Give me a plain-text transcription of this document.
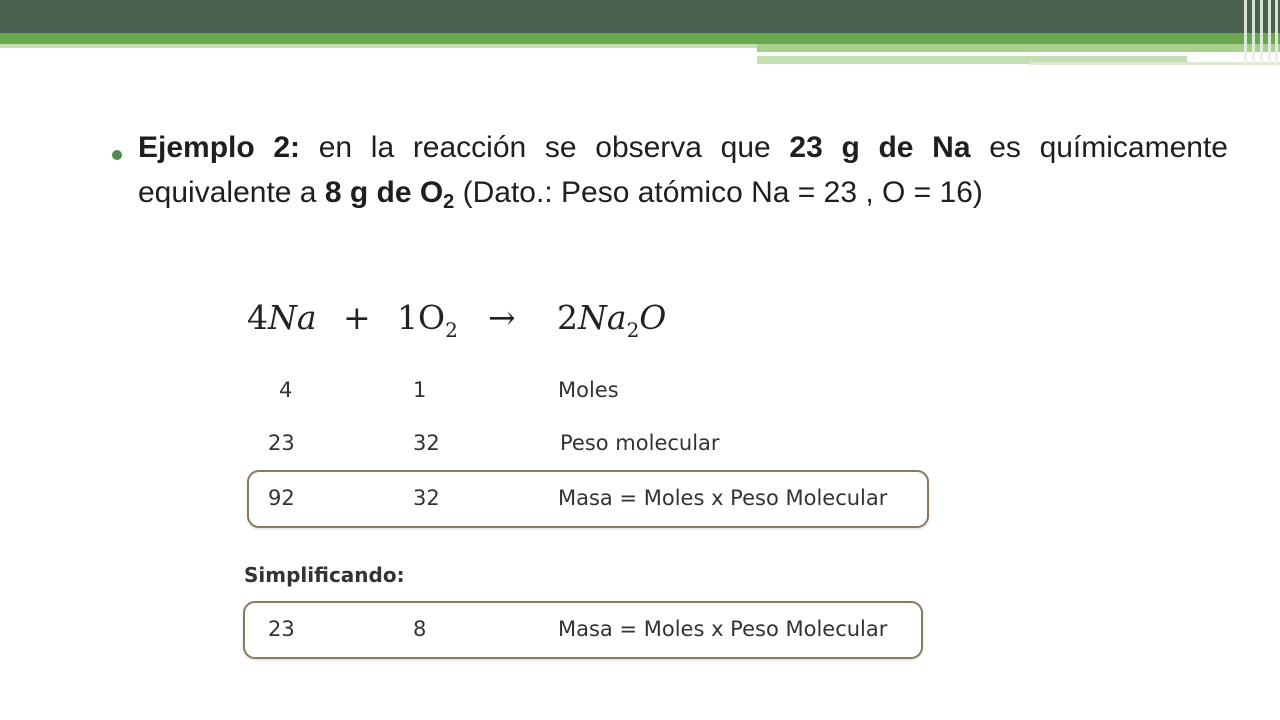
Ejemplo 2: en la reacción se observa que 23 g de Na es químicamente equivalente a 8 g de $O_2$ (Dato.: Peso atómico Na = 23 , O = 16)
$4Na + 1O_2 \to 2Na_2O$
4	1	Moles
23	32	Peso molecular
92	32	Masa = Moles x Peso Molecular
Simplificando:
23	8	Masa = Moles x Peso Molecular
